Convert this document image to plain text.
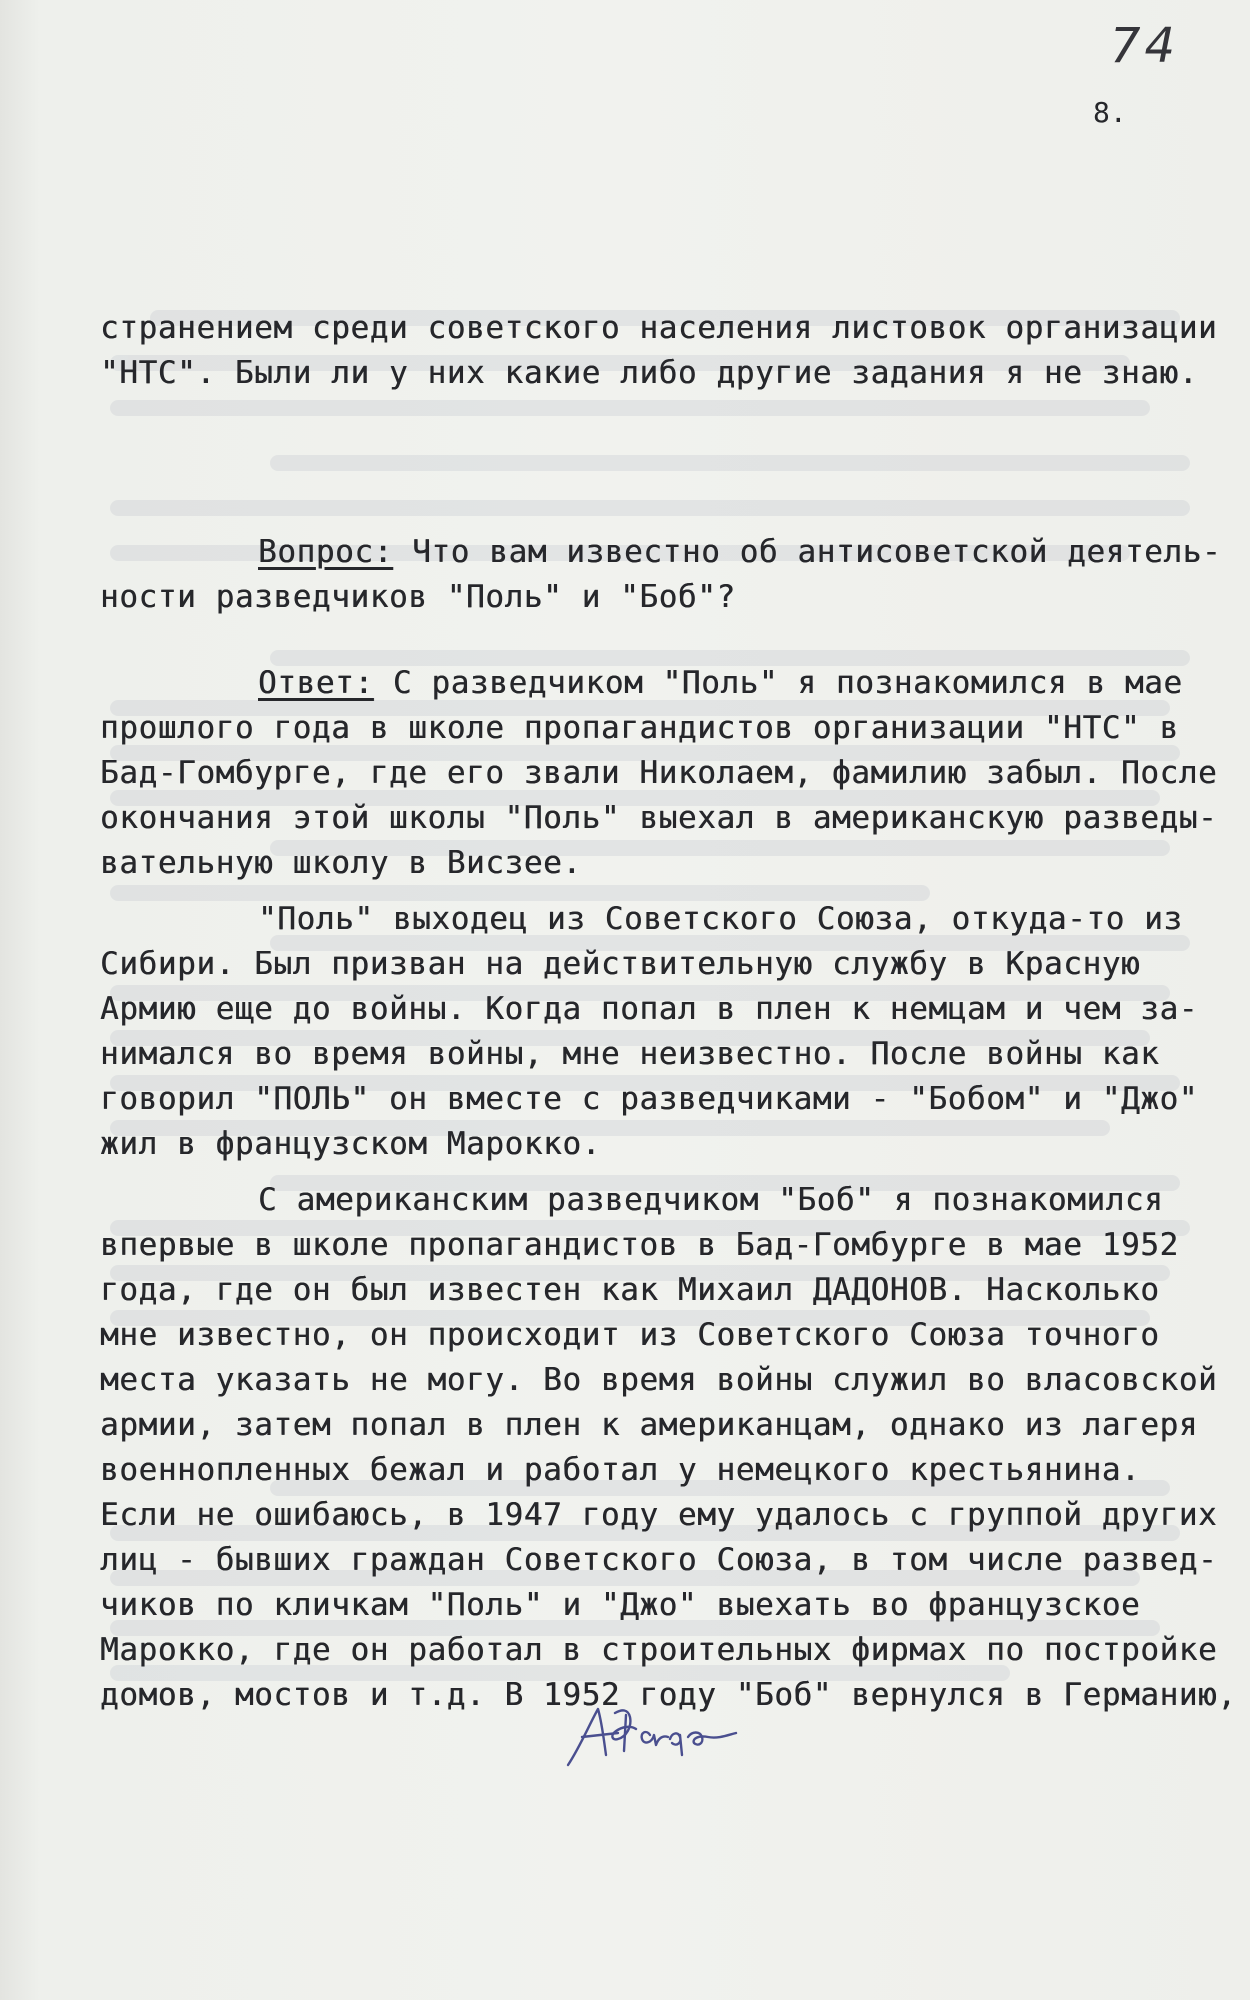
74
8.
странением среди советского населения листовок организации
"НТС". Были ли у них какие либо другие задания я не знаю.
Вопрос: Что вам известно об антисоветской деятель-
ности разведчиков "Поль" и "Боб"?
Ответ: С разведчиком "Поль" я познакомился в мае
прошлого года в школе пропагандистов организации "НТС" в
Бад-Гомбурге, где его звали Николаем, фамилию забыл. После
окончания этой школы "Поль" выехал в американскую разведы-
вательную школу в Висзее.
"Поль" выходец из Советского Союза, откуда-то из
Сибири. Был призван на действительную службу в Красную
Армию еще до войны. Когда попал в плен к немцам и чем за-
нимался во время войны, мне неизвестно. После войны как
говорил "ПОЛЬ" он вместе с разведчиками - "Бобом" и "Джо"
жил в французском Марокко.
С американским разведчиком "Боб" я познакомился
впервые в школе пропагандистов в Бад-Гомбурге в мае 1952
года, где он был известен как Михаил ДАДОНОВ. Насколько
мне известно, он происходит из Советского Союза точного
места указать не могу. Во время войны служил во власовской
армии, затем попал в плен к американцам, однако из лагеря
военнопленных бежал и работал у немецкого крестьянина.
Если не ошибаюсь, в 1947 году ему удалось с группой других
лиц - бывших граждан Советского Союза, в том числе развед-
чиков по кличкам "Поль" и "Джо" выехать во французское
Марокко, где он работал в строительных фирмах по постройке
домов, мостов и т.д. В 1952 году "Боб" вернулся в Германию,
